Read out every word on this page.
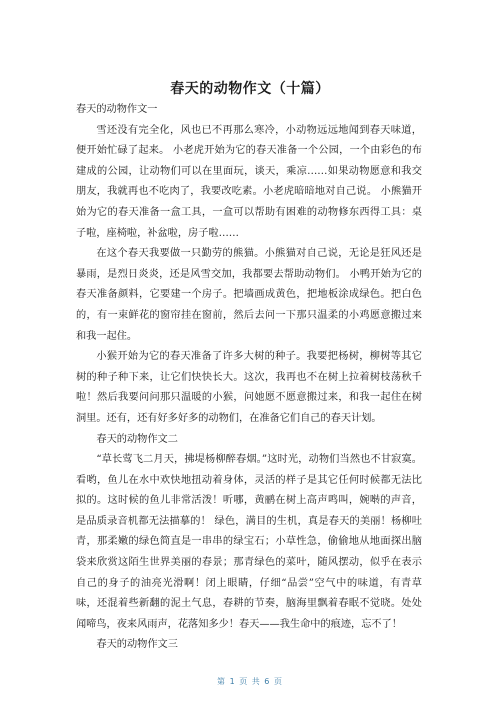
春天的动物作文（十篇）

春天的动物作文一

雪还没有完全化，风也已不再那么寒冷，小动物远远地闻到春天味道，便开始忙碌了起来。 小老虎开始为它的春天准备一个公园，一个由彩色的布建成的公园，让动物们可以在里面玩，谈天，乘凉……如果动物愿意和我交朋友，我就再也不吃肉了，我要改吃素。小老虎暗暗地对自己说。 小熊猫开始为它的春天准备一盒工具，一盒可以帮助有困难的动物修东西得工具：桌子啦，座椅啦，补盆啦，房子啦……

在这个春天我要做一只勤劳的熊猫。小熊猫对自己说，无论是狂风还是暴雨，是烈日炎炎，还是风雪交加，我都要去帮助动物们。 小鸭开始为它的春天准备颜料，它要建一个房子。把墙画成黄色，把地板涂成绿色。把白色的，有一束鲜花的窗帘挂在窗前，然后去问一下那只温柔的小鸡愿意搬过来和我一起住。

小猴开始为它的春天准备了许多大树的种子。我要把杨树，柳树等其它树的种子种下来，让它们快快长大。这次，我再也不在树上拉着树枝荡秋千啦！然后我要问问那只温暖的小猴，问她愿不愿意搬过来，和我一起住在树洞里。还有，还有好多好多的动物们，在准备它们自己的春天计划。

春天的动物作文二

“草长莺飞二月天，拂堤杨柳醉春烟。”这时光，动物们当然也不甘寂寞。看哟，鱼儿在水中欢快地扭动着身体，灵活的样子是其它任何时候都无法比拟的。这时候的鱼儿非常活泼！听哪，黄鹂在树上高声鸣叫，婉啭的声音，是品质录音机都无法描摹的！ 绿色，满目的生机，真是春天的美丽！杨柳吐青，那柔嫩的绿色简直是一串串的绿宝石；小草性急，偷偷地从地面探出脑袋来欣赏这陌生世界美丽的春景；那青绿色的菜叶，随风摆动，似乎在表示自己的身子的油亮光滑啊！闭上眼睛，仔细“品尝”空气中的味道，有青草味，还混着些新翻的泥土气息，春耕的节奏，脑海里飘着春眠不觉晓。处处闻啼鸟，夜来风雨声，花落知多少！春天——我生命中的痕迹，忘不了！

春天的动物作文三

第 1 页 共 6 页
